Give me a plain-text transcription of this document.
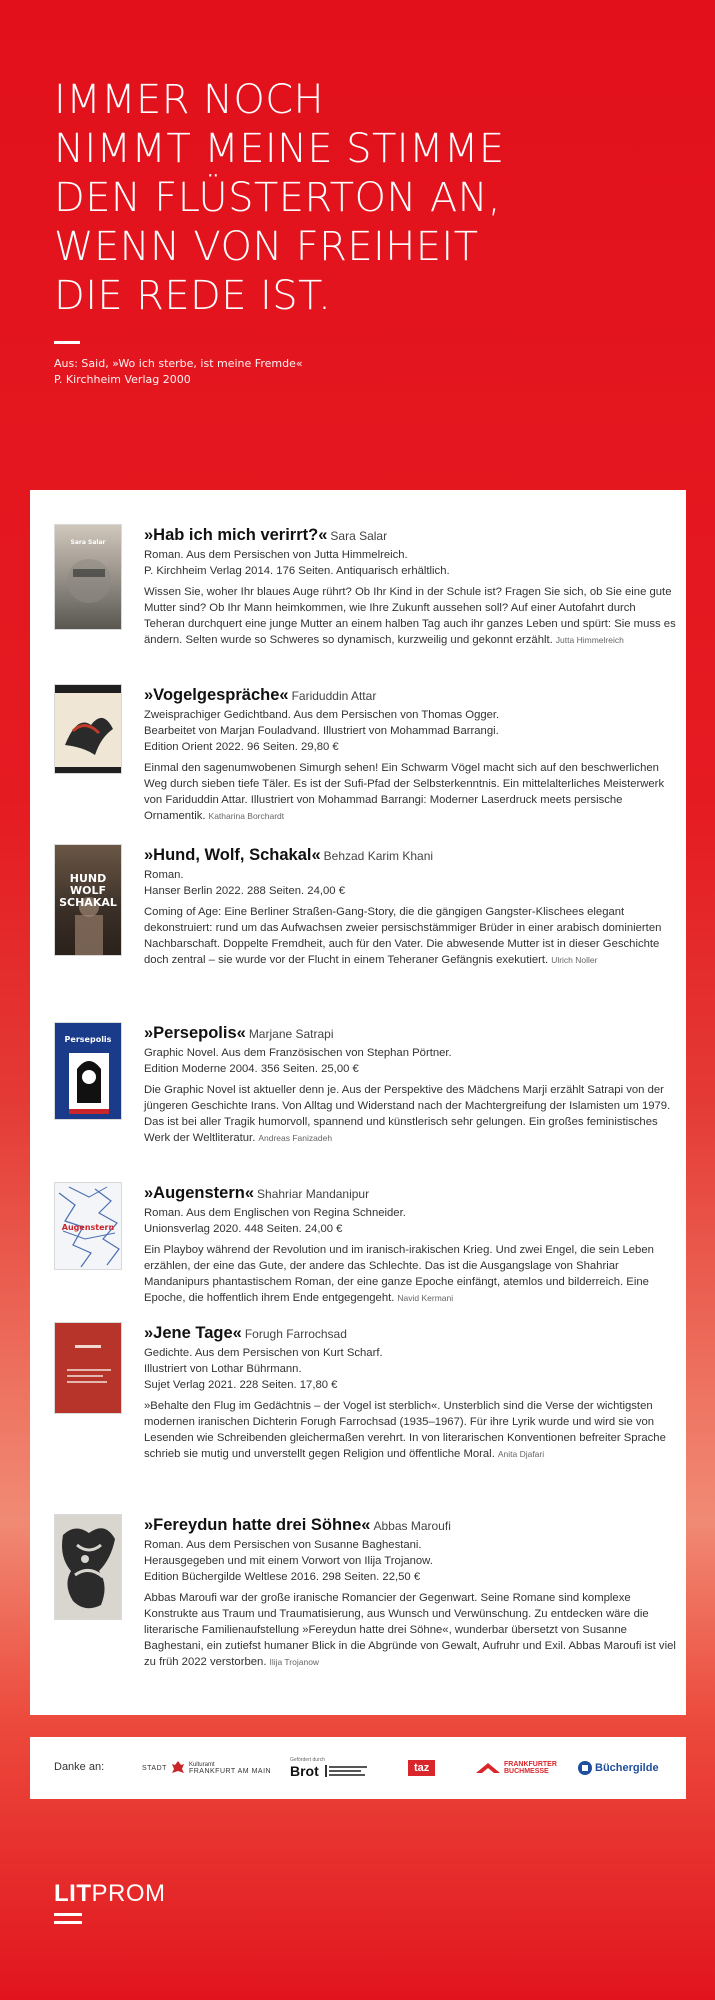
IMMER NOCH
NIMMT MEINE STIMME
DEN FLÜSTERTON AN,
WENN VON FREIHEIT
DIE REDE IST.
Aus: Said, »Wo ich sterbe, ist meine Fremde«
P. Kirchheim Verlag 2000
Sara Salar	»Hab ich mich verirrt?« Sara Salar
Roman. Aus dem Persischen von Jutta Himmelreich.
P. Kirchheim Verlag 2014. 176 Seiten. Antiquarisch erhältlich.
Wissen Sie, woher Ihr blaues Auge rührt? Ob Ihr Kind in der Schule ist? Fragen Sie sich, ob Sie eine gute Mutter sind? Ob Ihr Mann heimkommen, wie Ihre Zukunft aussehen soll? Auf einer Autofahrt durch Teheran durchquert eine junge Mutter an einem halben Tag auch ihr ganzes Leben und spürt: Sie muss es ändern. Selten wurde so Schweres so dynamisch, kurzweilig und gekonnt erzählt. Jutta Himmelreich
»Vogelgespräche« Fariduddin Attar
Zweisprachiger Gedichtband. Aus dem Persischen von Thomas Ogger.
Bearbeitet von Marjan Fouladvand. Illustriert von Mohammad Barrangi.
Edition Orient 2022. 96 Seiten. 29,80 €
Einmal den sagenumwobenen Simurgh sehen! Ein Schwarm Vögel macht sich auf den beschwerlichen Weg durch sieben tiefe Täler. Es ist der Sufi-Pfad der Selbsterkenntnis. Ein mittelalterliches Meisterwerk von Fariduddin Attar. Illustriert von Mohammad Barrangi: Moderner Laserdruck meets persische Ornamentik. Katharina Borchardt
HUND WOLF SCHAKAL
»Hund, Wolf, Schakal« Behzad Karim Khani
Roman.
Hanser Berlin 2022. 288 Seiten. 24,00 €
Coming of Age: Eine Berliner Straßen-Gang-Story, die die gängigen Gangster-Klischees elegant dekonstruiert: rund um das Aufwachsen zweier persischstämmiger Brüder in einer arabisch dominierten Nachbarschaft. Doppelte Fremdheit, auch für den Vater. Die abwesende Mutter ist in dieser Geschichte doch zentral – sie wurde vor der Flucht in einem Teheraner Gefängnis exekutiert. Ulrich Noller
Persepolis	»Persepolis« Marjane Satrapi
Graphic Novel. Aus dem Französischen von Stephan Pörtner.
Edition Moderne 2004. 356 Seiten. 25,00 €
Die Graphic Novel ist aktueller denn je. Aus der Perspektive des Mädchens Marji erzählt Satrapi von der jüngeren Geschichte Irans. Von Alltag und Widerstand nach der Machtergreifung der Islamisten um 1979. Das ist bei aller Tragik humorvoll, spannend und künstlerisch sehr gelungen. Ein großes feministisches Werk der Weltliteratur. Andreas Fanizadeh
Augenstern
»Augenstern« Shahriar Mandanipur
Roman. Aus dem Englischen von Regina Schneider.
Unionsverlag 2020. 448 Seiten. 24,00 €
Ein Playboy während der Revolution und im iranisch-irakischen Krieg. Und zwei Engel, die sein Leben erzählen, der eine das Gute, der andere das Schlechte. Das ist die Ausgangslage von Shahriar Mandanipurs phantastischem Roman, der eine ganze Epoche einfängt, atemlos und bilderreich. Eine Epoche, die hoffentlich ihrem Ende entgegengeht. Navid Kermani
»Jene Tage« Forugh Farrochsad
Gedichte. Aus dem Persischen von Kurt Scharf.
Illustriert von Lothar Bührmann.
Sujet Verlag 2021. 228 Seiten. 17,80 €
»Behalte den Flug im Gedächtnis – der Vogel ist sterblich«. Unsterblich sind die Verse der wichtigsten modernen iranischen Dichterin Forugh Farrochsad (1935–1967). Für ihre Lyrik wurde und wird sie von Lesenden wie Schreibenden gleichermaßen verehrt. In von literarischen Konventionen befreiter Sprache schrieb sie mutig und unverstellt gegen Religion und öffentliche Moral. Anita Djafari
»Fereydun hatte drei Söhne« Abbas Maroufi
Roman. Aus dem Persischen von Susanne Baghestani.
Herausgegeben und mit einem Vorwort von Ilija Trojanow.
Edition Büchergilde Weltlese 2016. 298 Seiten. 22,50 €
Abbas Maroufi war der große iranische Romancier der Gegenwart. Seine Romane sind komplexe Konstrukte aus Traum und Traumatisierung, aus Wunsch und Verwünschung. Zu entdecken wäre die literarische Familienaufstellung »Fereydun hatte drei Söhne«, wunderbar übersetzt von Susanne Baghestani, ein zutiefst humaner Blick in die Abgründe von Gewalt, Aufruhr und Exil. Abbas Maroufi ist viel zu früh 2022 verstorben. Ilija Trojanow
Danke an:	STADT	Kulturamt
FRANKFURT AM MAIN
Gefördert durch
Brot	taz	FRANKFURTER
BUCHMESSE	Büchergilde
LITPROM
